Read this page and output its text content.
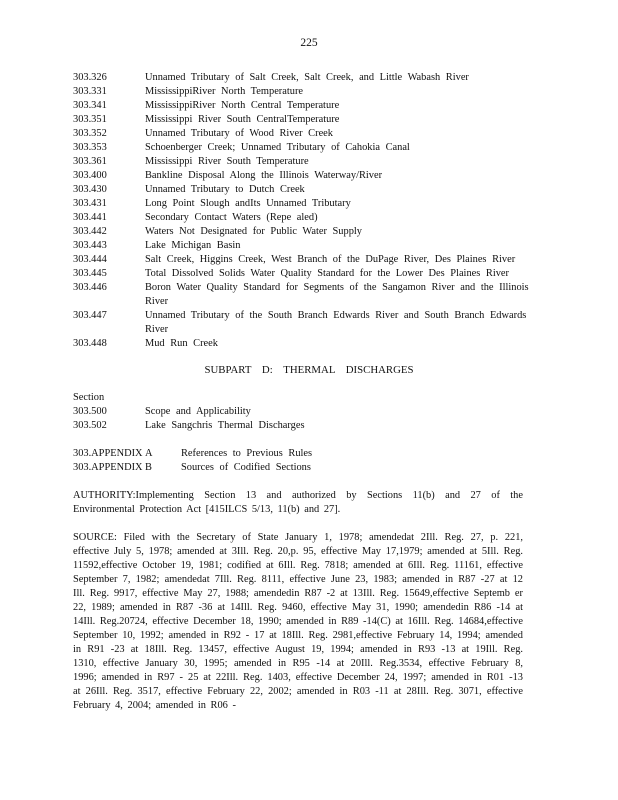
225
303.326	Unnamed Tributary of Salt Creek, Salt Creek, and Little Wabash River
303.331	MississippiRiver North Temperature
303.341	MississippiRiver North Central Temperature
303.351	Mississippi River South CentralTemperature
303.352	Unnamed Tributary of Wood River Creek
303.353	Schoenberger Creek; Unnamed Tributary of Cahokia Canal
303.361	Mississippi River South Temperature
303.400	Bankline Disposal Along the Illinois Waterway/River
303.430	Unnamed Tributary to Dutch Creek
303.431	Long Point Slough andIts Unnamed Tributary
303.441	Secondary Contact Waters (Repe aled)
303.442	Waters Not Designated for Public Water Supply
303.443	Lake Michigan Basin
303.444	Salt Creek, Higgins Creek, West Branch of the DuPage River, Des Plaines River
303.445	Total Dissolved Solids Water Quality Standard for the Lower Des Plaines River
303.446	Boron Water Quality Standard for Segments of the Sangamon River and the Illinois River
303.447	Unnamed Tributary of the South Branch Edwards River and South Branch Edwards River
303.448	Mud Run Creek
SUBPART D: THERMAL DISCHARGES
Section
303.500	Scope and Applicability
303.502	Lake Sangchris Thermal Discharges
303.APPENDIX A	References to Previous Rules
303.APPENDIX B	Sources of Codified Sections
AUTHORITY:Implementing Section 13 and authorized by Sections 11(b) and 27 of the Environmental Protection Act [415ILCS 5/13, 11(b) and 27].
SOURCE: Filed with the Secretary of State January 1, 1978; amendedat 2Ill. Reg. 27, p. 221, effective July 5, 1978; amended at 3Ill. Reg. 20,p. 95, effective May 17,1979; amended at 5Ill. Reg. 11592,effective October 19, 1981; codified at 6Ill. Reg. 7818; amended at 6Ill. Reg. 11161, effective September 7, 1982; amendedat 7Ill. Reg. 8111, effective June 23, 1983; amended in R87 -27 at 12 Ill. Reg. 9917, effective May 27, 1988; amendedin R87 -2 at 13Ill. Reg. 15649,effective Septemb er 22, 1989; amended in R87 -36 at 14Ill. Reg. 9460, effective May 31, 1990; amendedin R86 -14 at 14Ill. Reg.20724, effective December 18, 1990; amended in R89 -14(C) at 16Ill. Reg. 14684,effective September 10, 1992; amended in R92 - 17 at 18Ill. Reg. 2981,effective February 14, 1994; amended in R91 -23 at 18Ill. Reg. 13457, effective August 19, 1994; amended in R93 -13 at 19Ill. Reg. 1310, effective January 30, 1995; amended in R95 -14 at 20Ill. Reg.3534, effective February 8, 1996; amended in R97 - 25 at 22Ill. Reg. 1403, effective December 24, 1997; amended in R01 -13 at 26Ill. Reg. 3517, effective February 22, 2002; amended in R03 -11 at 28Ill. Reg. 3071, effective February 4, 2004; amended in R06 -
